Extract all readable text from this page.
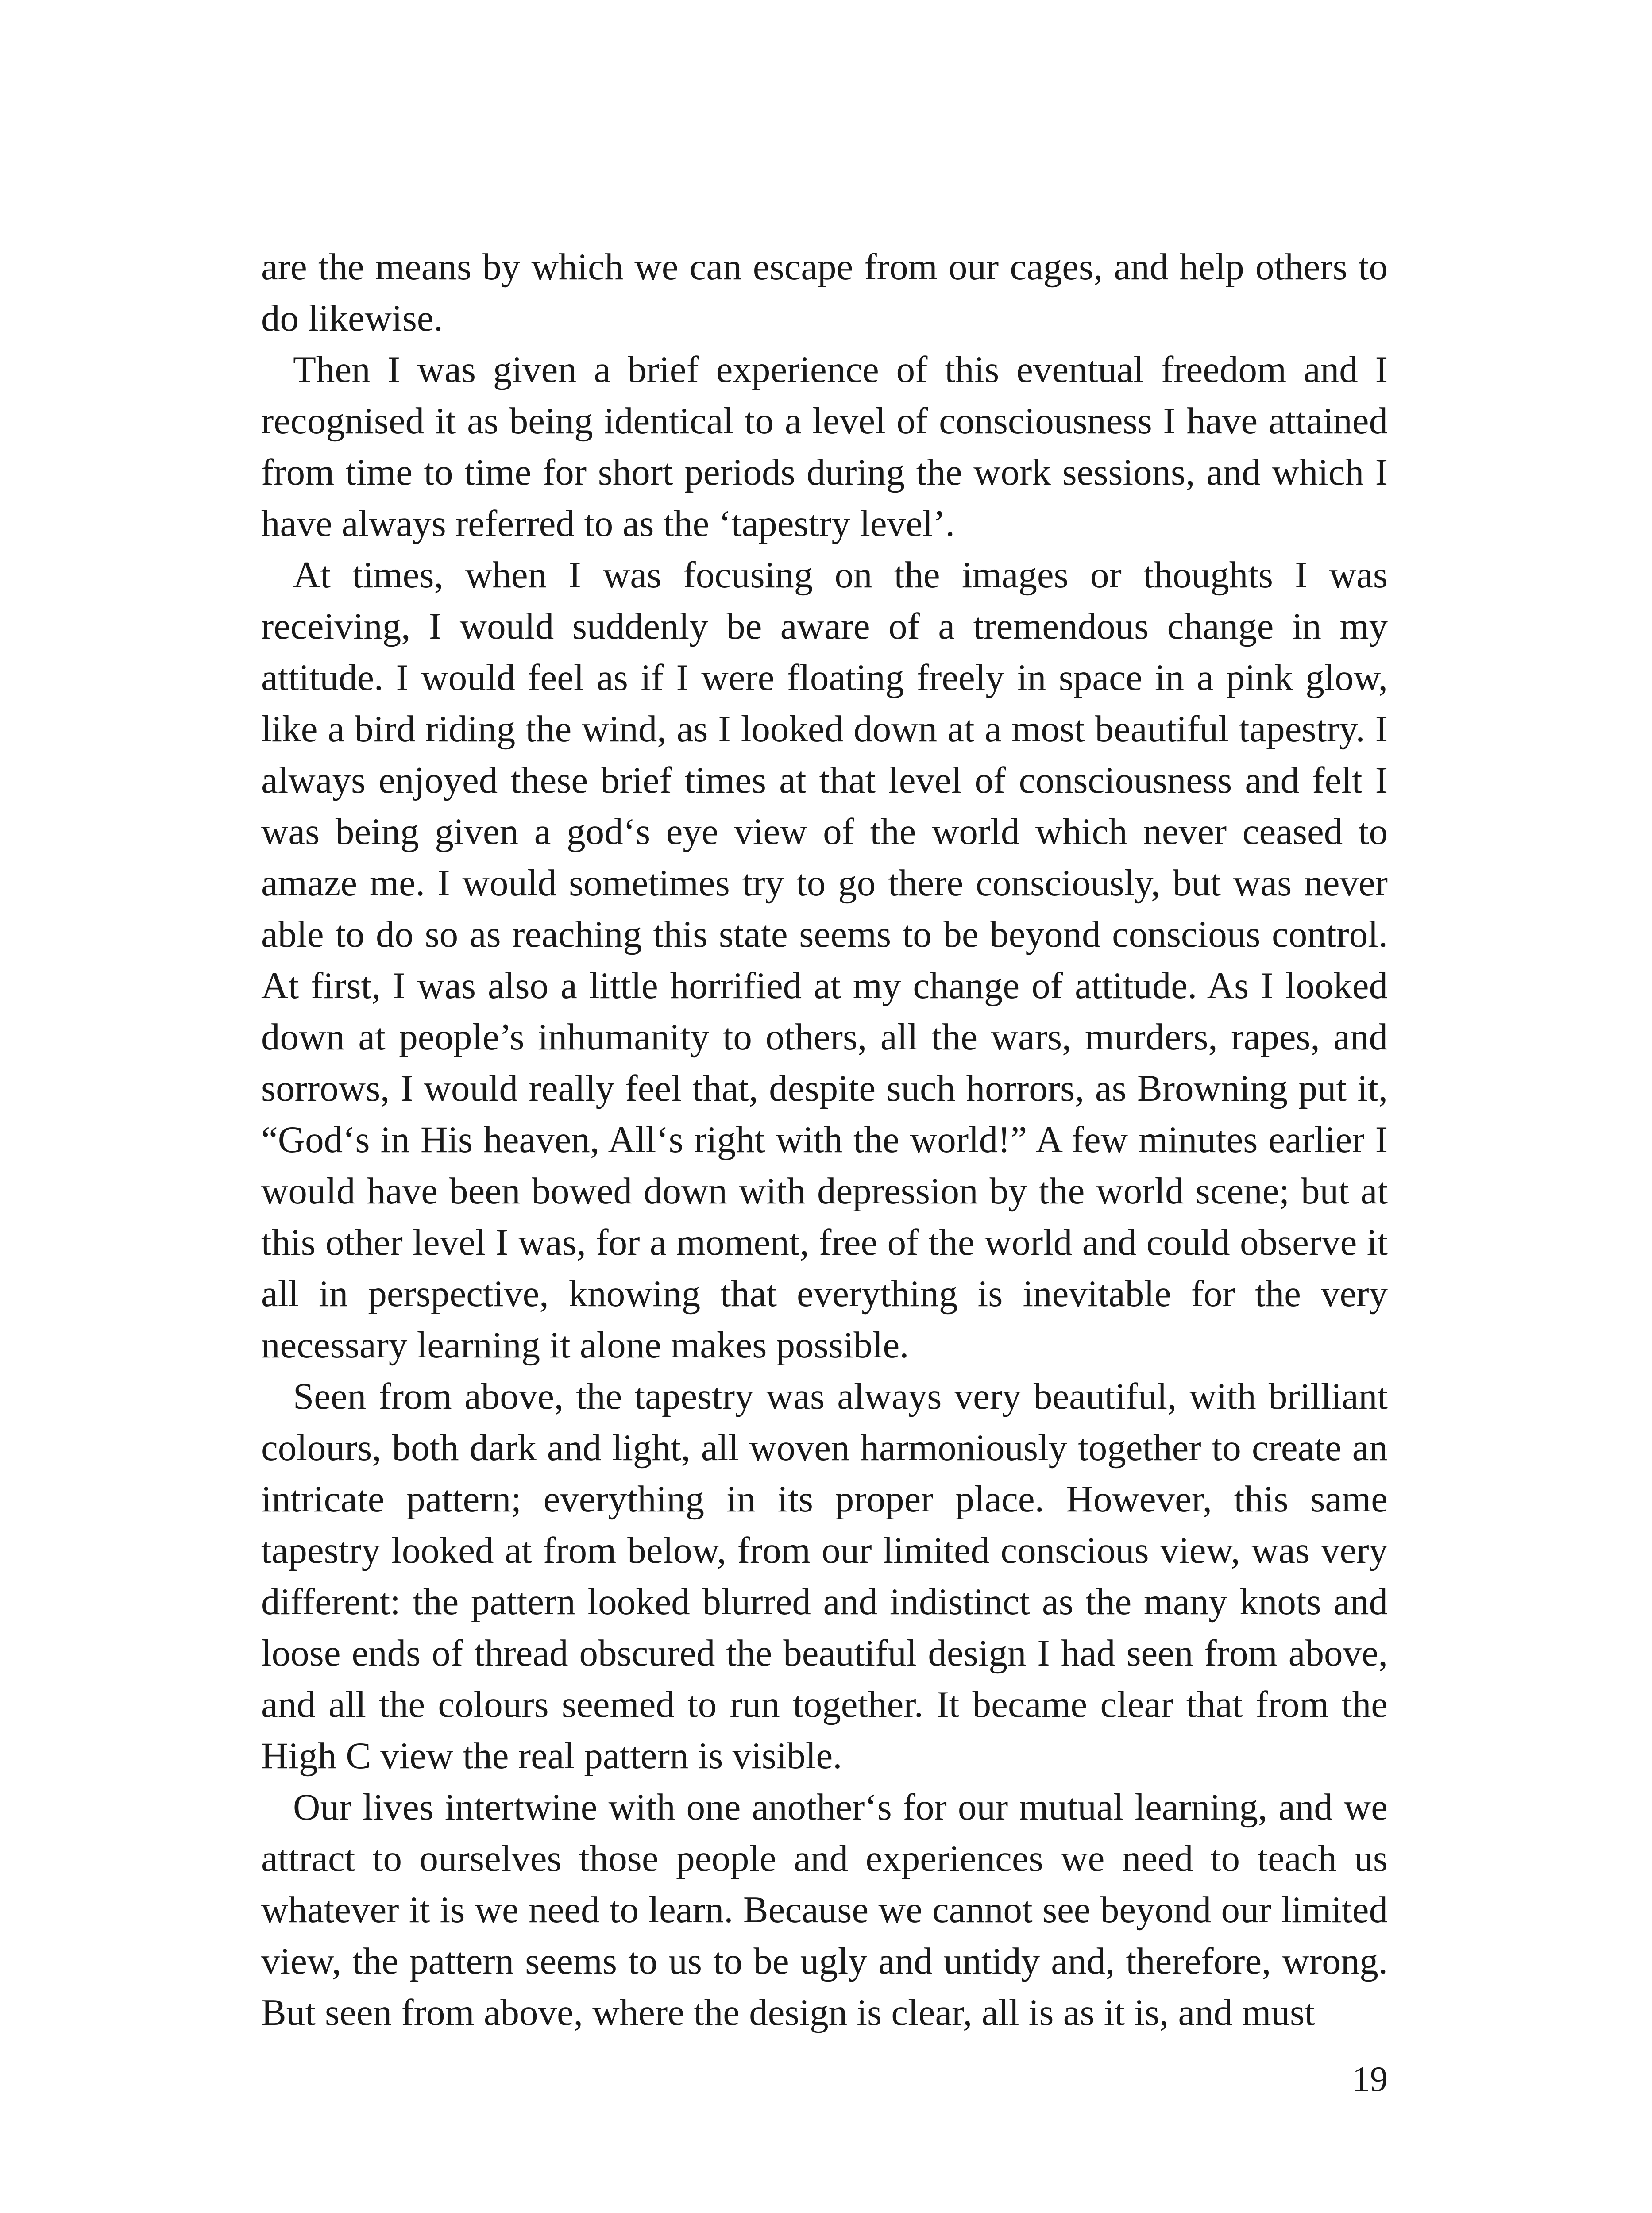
are the means by which we can escape from our cages, and help others to do likewise.

Then I was given a brief experience of this eventual freedom and I recognised it as being identical to a level of consciousness I have attained from time to time for short periods during the work sessions, and which I have always referred to as the ‘tapestry level’.

At times, when I was focusing on the images or thoughts I was receiving, I would suddenly be aware of a tremendous change in my attitude. I would feel as if I were floating freely in space in a pink glow, like a bird riding the wind, as I looked down at a most beautiful tapestry. I always enjoyed these brief times at that level of consciousness and felt I was being given a god‘s eye view of the world which never ceased to amaze me. I would sometimes try to go there consciously, but was never able to do so as reaching this state seems to be beyond conscious control. At first, I was also a little horrified at my change of attitude. As I looked down at people’s inhumanity to others, all the wars, murders, rapes, and sorrows, I would really feel that, despite such horrors, as Browning put it, “God‘s in His heaven, All‘s right with the world!” A few minutes earlier I would have been bowed down with depression by the world scene; but at this other level I was, for a moment, free of the world and could observe it all in perspective, knowing that everything is inevitable for the very necessary learning it alone makes possible.

Seen from above, the tapestry was always very beautiful, with brilliant colours, both dark and light, all woven harmoniously together to create an intricate pattern; everything in its proper place. However, this same tapestry looked at from below, from our limited conscious view, was very different: the pattern looked blurred and indistinct as the many knots and loose ends of thread obscured the beautiful design I had seen from above, and all the colours seemed to run together. It became clear that from the High C view the real pattern is visible.

Our lives intertwine with one another‘s for our mutual learning, and we attract to ourselves those people and experiences we need to teach us whatever it is we need to learn. Because we cannot see beyond our limited view, the pattern seems to us to be ugly and untidy and, therefore, wrong. But seen from above, where the design is clear, all is as it is, and must

19
